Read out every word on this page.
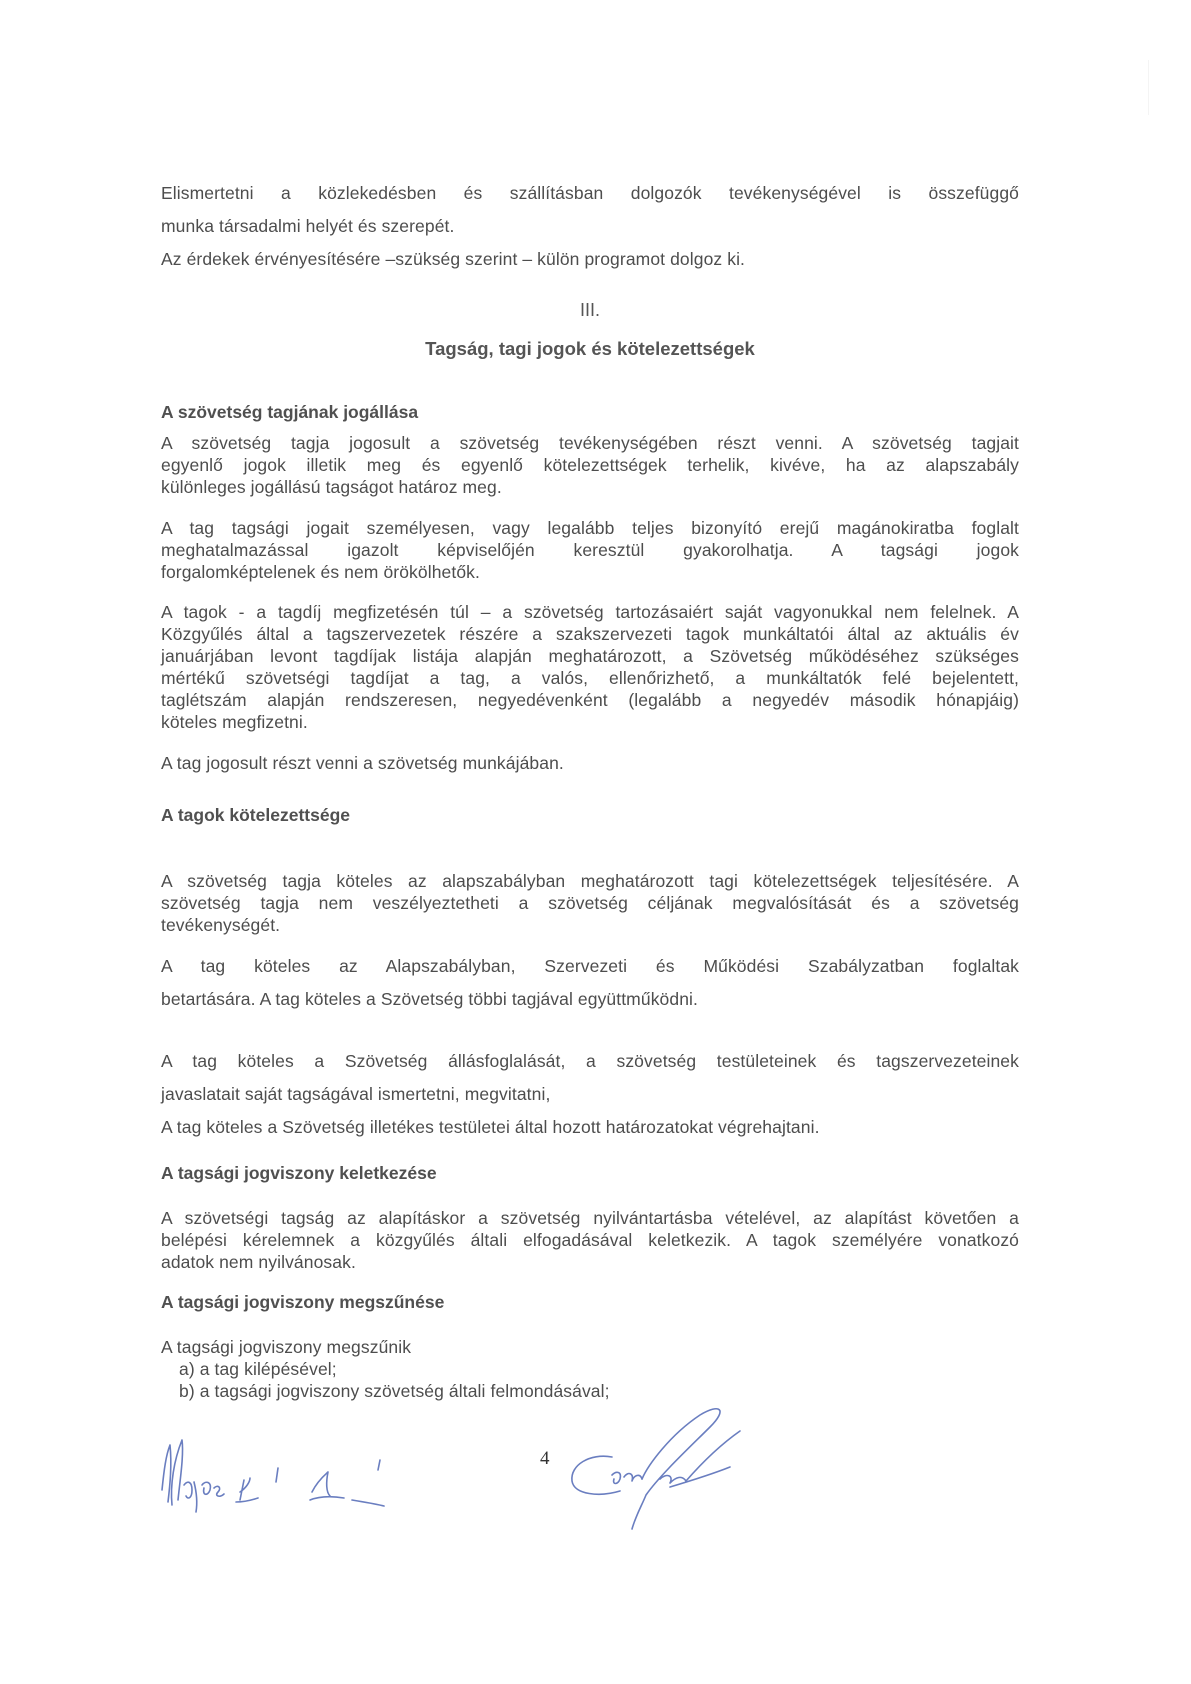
Elismertetni a közlekedésben és szállításban dolgozók tevékenységével is összefüggő
munka társadalmi helyét és szerepét.
Az érdekek érvényesítésére –szükség szerint – külön programot dolgoz ki.
III.
Tagság, tagi jogok és kötelezettségek
A szövetség tagjának jogállása
A szövetség tagja jogosult a szövetség tevékenységében részt venni. A szövetség tagjait
egyenlő jogok illetik meg és egyenlő kötelezettségek terhelik, kivéve, ha az alapszabály
különleges jogállású tagságot határoz meg.
A tag tagsági jogait személyesen, vagy legalább teljes bizonyító erejű magánokiratba foglalt
meghatalmazással igazolt képviselőjén keresztül gyakorolhatja. A tagsági jogok
forgalomképtelenek és nem örökölhetők.
A tagok - a tagdíj megfizetésén túl – a szövetség tartozásaiért saját vagyonukkal nem felelnek. A
Közgyűlés által a tagszervezetek részére a szakszervezeti tagok munkáltatói által az aktuális év
januárjában levont tagdíjak listája alapján meghatározott, a Szövetség működéséhez szükséges
mértékű szövetségi tagdíjat a tag, a valós, ellenőrizhető, a munkáltatók felé bejelentett,
taglétszám alapján rendszeresen, negyedévenként (legalább a negyedév második hónapjáig)
köteles megfizetni.
A tag jogosult részt venni a szövetség munkájában.
A tagok kötelezettsége
A szövetség tagja köteles az alapszabályban meghatározott tagi kötelezettségek teljesítésére. A
szövetség tagja nem veszélyeztetheti a szövetség céljának megvalósítását és a szövetség
tevékenységét.
A tag köteles az Alapszabályban, Szervezeti és Működési Szabályzatban foglaltak
betartására. A tag köteles a Szövetség többi tagjával együttműködni.
A tag köteles a Szövetség állásfoglalását, a szövetség testületeinek és tagszervezeteinek
javaslatait saját tagságával ismertetni, megvitatni,
A tag köteles a Szövetség illetékes testületei által hozott határozatokat végrehajtani.
A tagsági jogviszony keletkezése
A szövetségi tagság az alapításkor a szövetség nyilvántartásba vételével, az alapítást követően a
belépési kérelemnek a közgyűlés általi elfogadásával keletkezik. A tagok személyére vonatkozó
adatok nem nyilvánosak.
A tagsági jogviszony megszűnése
A tagsági jogviszony megszűnik
a) a tag kilépésével;
b) a tagsági jogviszony szövetség általi felmondásával;
4
